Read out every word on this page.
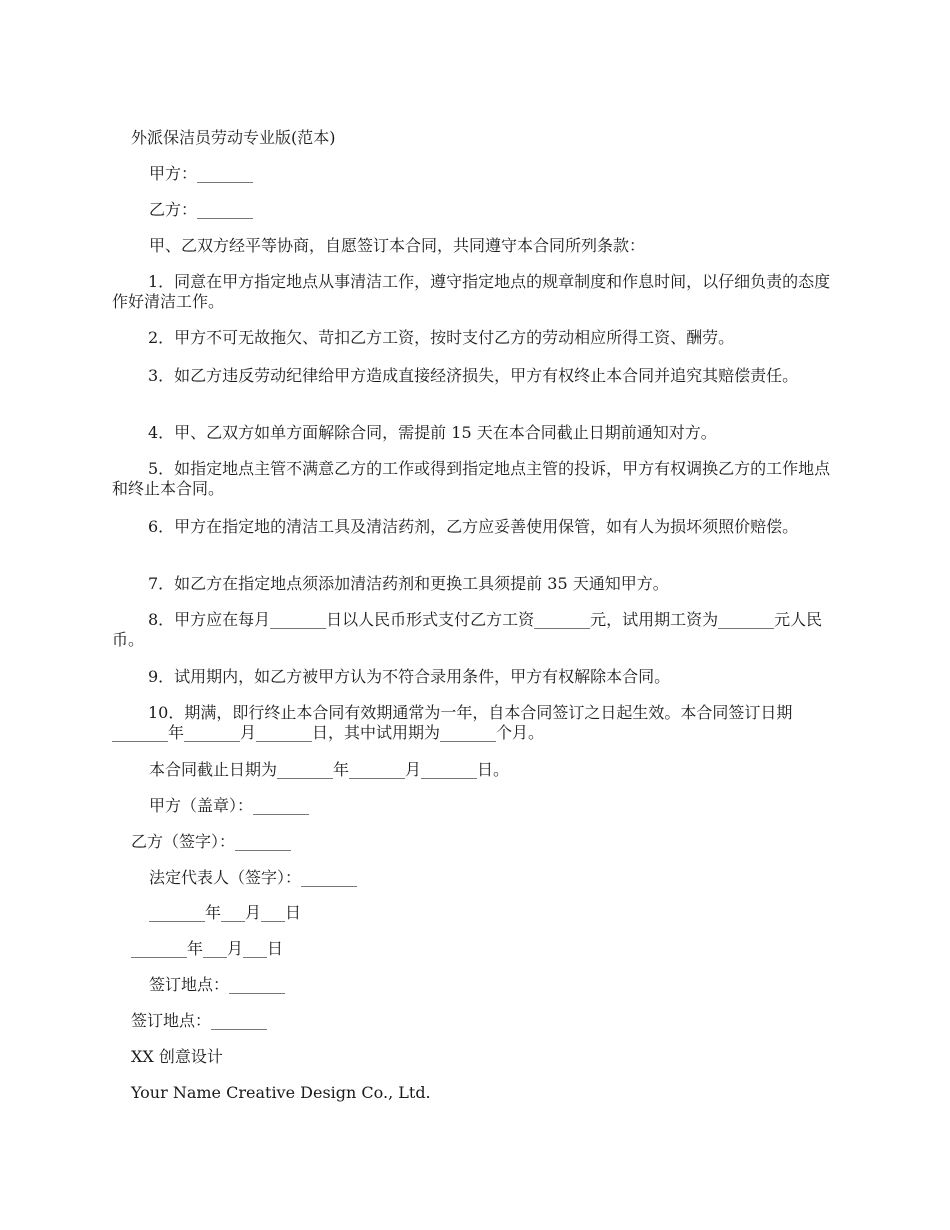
外派保洁员劳动专业版(范本)
甲方：_______
乙方：_______
甲、乙双方经平等协商，自愿签订本合同，共同遵守本合同所列条款：
1．同意在甲方指定地点从事清洁工作，遵守指定地点的规章制度和作息时间，以仔细负责的态度作好清洁工作。
2．甲方不可无故拖欠、苛扣乙方工资，按时支付乙方的劳动相应所得工资、酬劳。
3．如乙方违反劳动纪律给甲方造成直接经济损失，甲方有权终止本合同并追究其赔偿责任。
4．甲、乙双方如单方面解除合同，需提前 15 天在本合同截止日期前通知对方。
5．如指定地点主管不满意乙方的工作或得到指定地点主管的投诉，甲方有权调换乙方的工作地点和终止本合同。
6．甲方在指定地的清洁工具及清洁药剂，乙方应妥善使用保管，如有人为损坏须照价赔偿。
7．如乙方在指定地点须添加清洁药剂和更换工具须提前 35 天通知甲方。
8．甲方应在每月_______日以人民币形式支付乙方工资_______元，试用期工资为_______元人民币。
9．试用期内，如乙方被甲方认为不符合录用条件，甲方有权解除本合同。
10．期满，即行终止本合同有效期通常为一年，自本合同签订之日起生效。本合同签订日期_______年_______月_______日，其中试用期为_______个月。
本合同截止日期为_______年_______月_______日。
甲方（盖章）：_______
乙方（签字）：_______
法定代表人（签字）：_______
_______年___月___日
_______年___月___日
签订地点：_______
签订地点：_______
XX 创意设计
Your Name Creative Design Co., Ltd.
